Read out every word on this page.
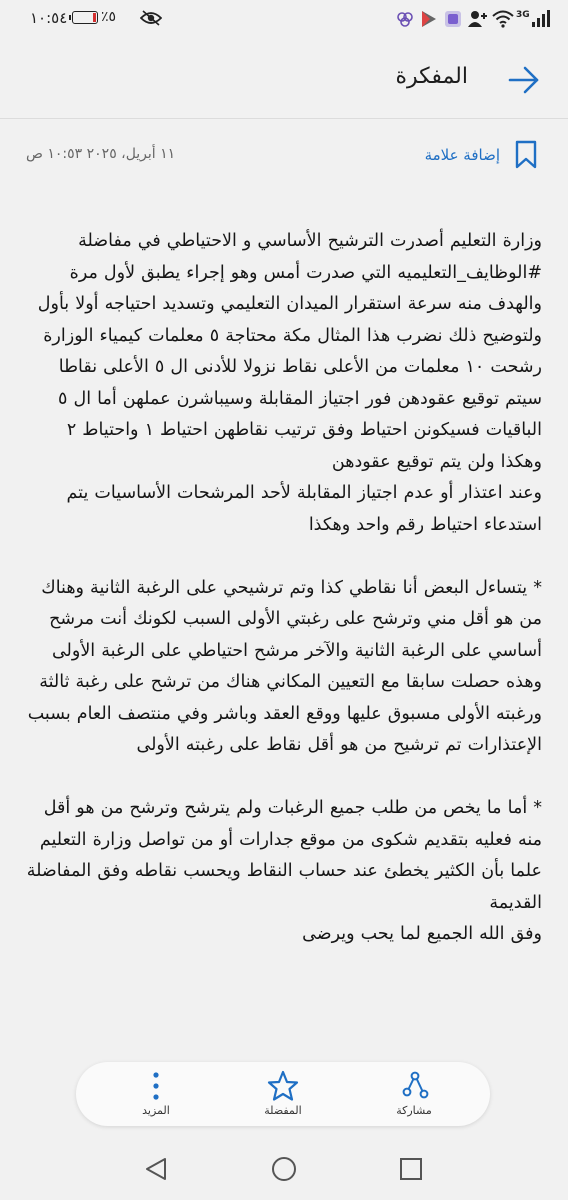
١٠:٥٤ ٪٥	3G
المفكرة
١١ أبريل، ٢٠٢٥ ١٠:٥٣ ص	إضافة علامة

وزارة التعليم أصدرت الترشيح الأساسي و الاحتياطي في مفاضلة #الوظايف_التعليميه التي صدرت أمس وهو إجراء يطبق لأول مرة والهدف منه سرعة استقرار الميدان التعليمي وتسديد احتياجه أولا بأول ولتوضيح ذلك نضرب هذا المثال مكة محتاجة ٥ معلمات كيمياء الوزارة رشحت ١٠ معلمات من الأعلى نقاط نزولا للأدنى ال ٥ الأعلى نقاطا سيتم توقيع عقودهن فور اجتياز المقابلة وسيباشرن عملهن أما ال ٥ الباقيات فسيكونن احتياط وفق ترتيب نقاطهن احتياط ١ واحتياط ٢ وهكذا ولن يتم توقيع عقودهن

وعند اعتذار أو عدم اجتياز المقابلة لأحد المرشحات الأساسيات يتم استدعاء احتياط رقم واحد وهكذا

* يتساءل البعض أنا نقاطي كذا وتم ترشيحي على الرغبة الثانية وهناك من هو أقل مني وترشح على رغبتي الأولى السبب لكونك أنت مرشح أساسي على الرغبة الثانية والآخر مرشح احتياطي على الرغبة الأولى وهذه حصلت سابقا مع التعيين المكاني هناك من ترشح على رغبة ثالثة ورغبته الأولى مسبوق عليها ووقع العقد وباشر وفي منتصف العام بسبب الإعتذارات تم ترشيح من هو أقل نقاط على رغبته الأولى

* أما ما يخص من طلب جميع الرغبات ولم يترشح وترشح من هو أقل منه فعليه بتقديم شكوى من موقع جدارات أو من تواصل وزارة التعليم علما بأن الكثير يخطئ عند حساب النقاط ويحسب نقاطه وفق المفاضلة القديمة

وفق الله الجميع لما يحب ويرضى

مشاركة
المفضلة
المزيد
